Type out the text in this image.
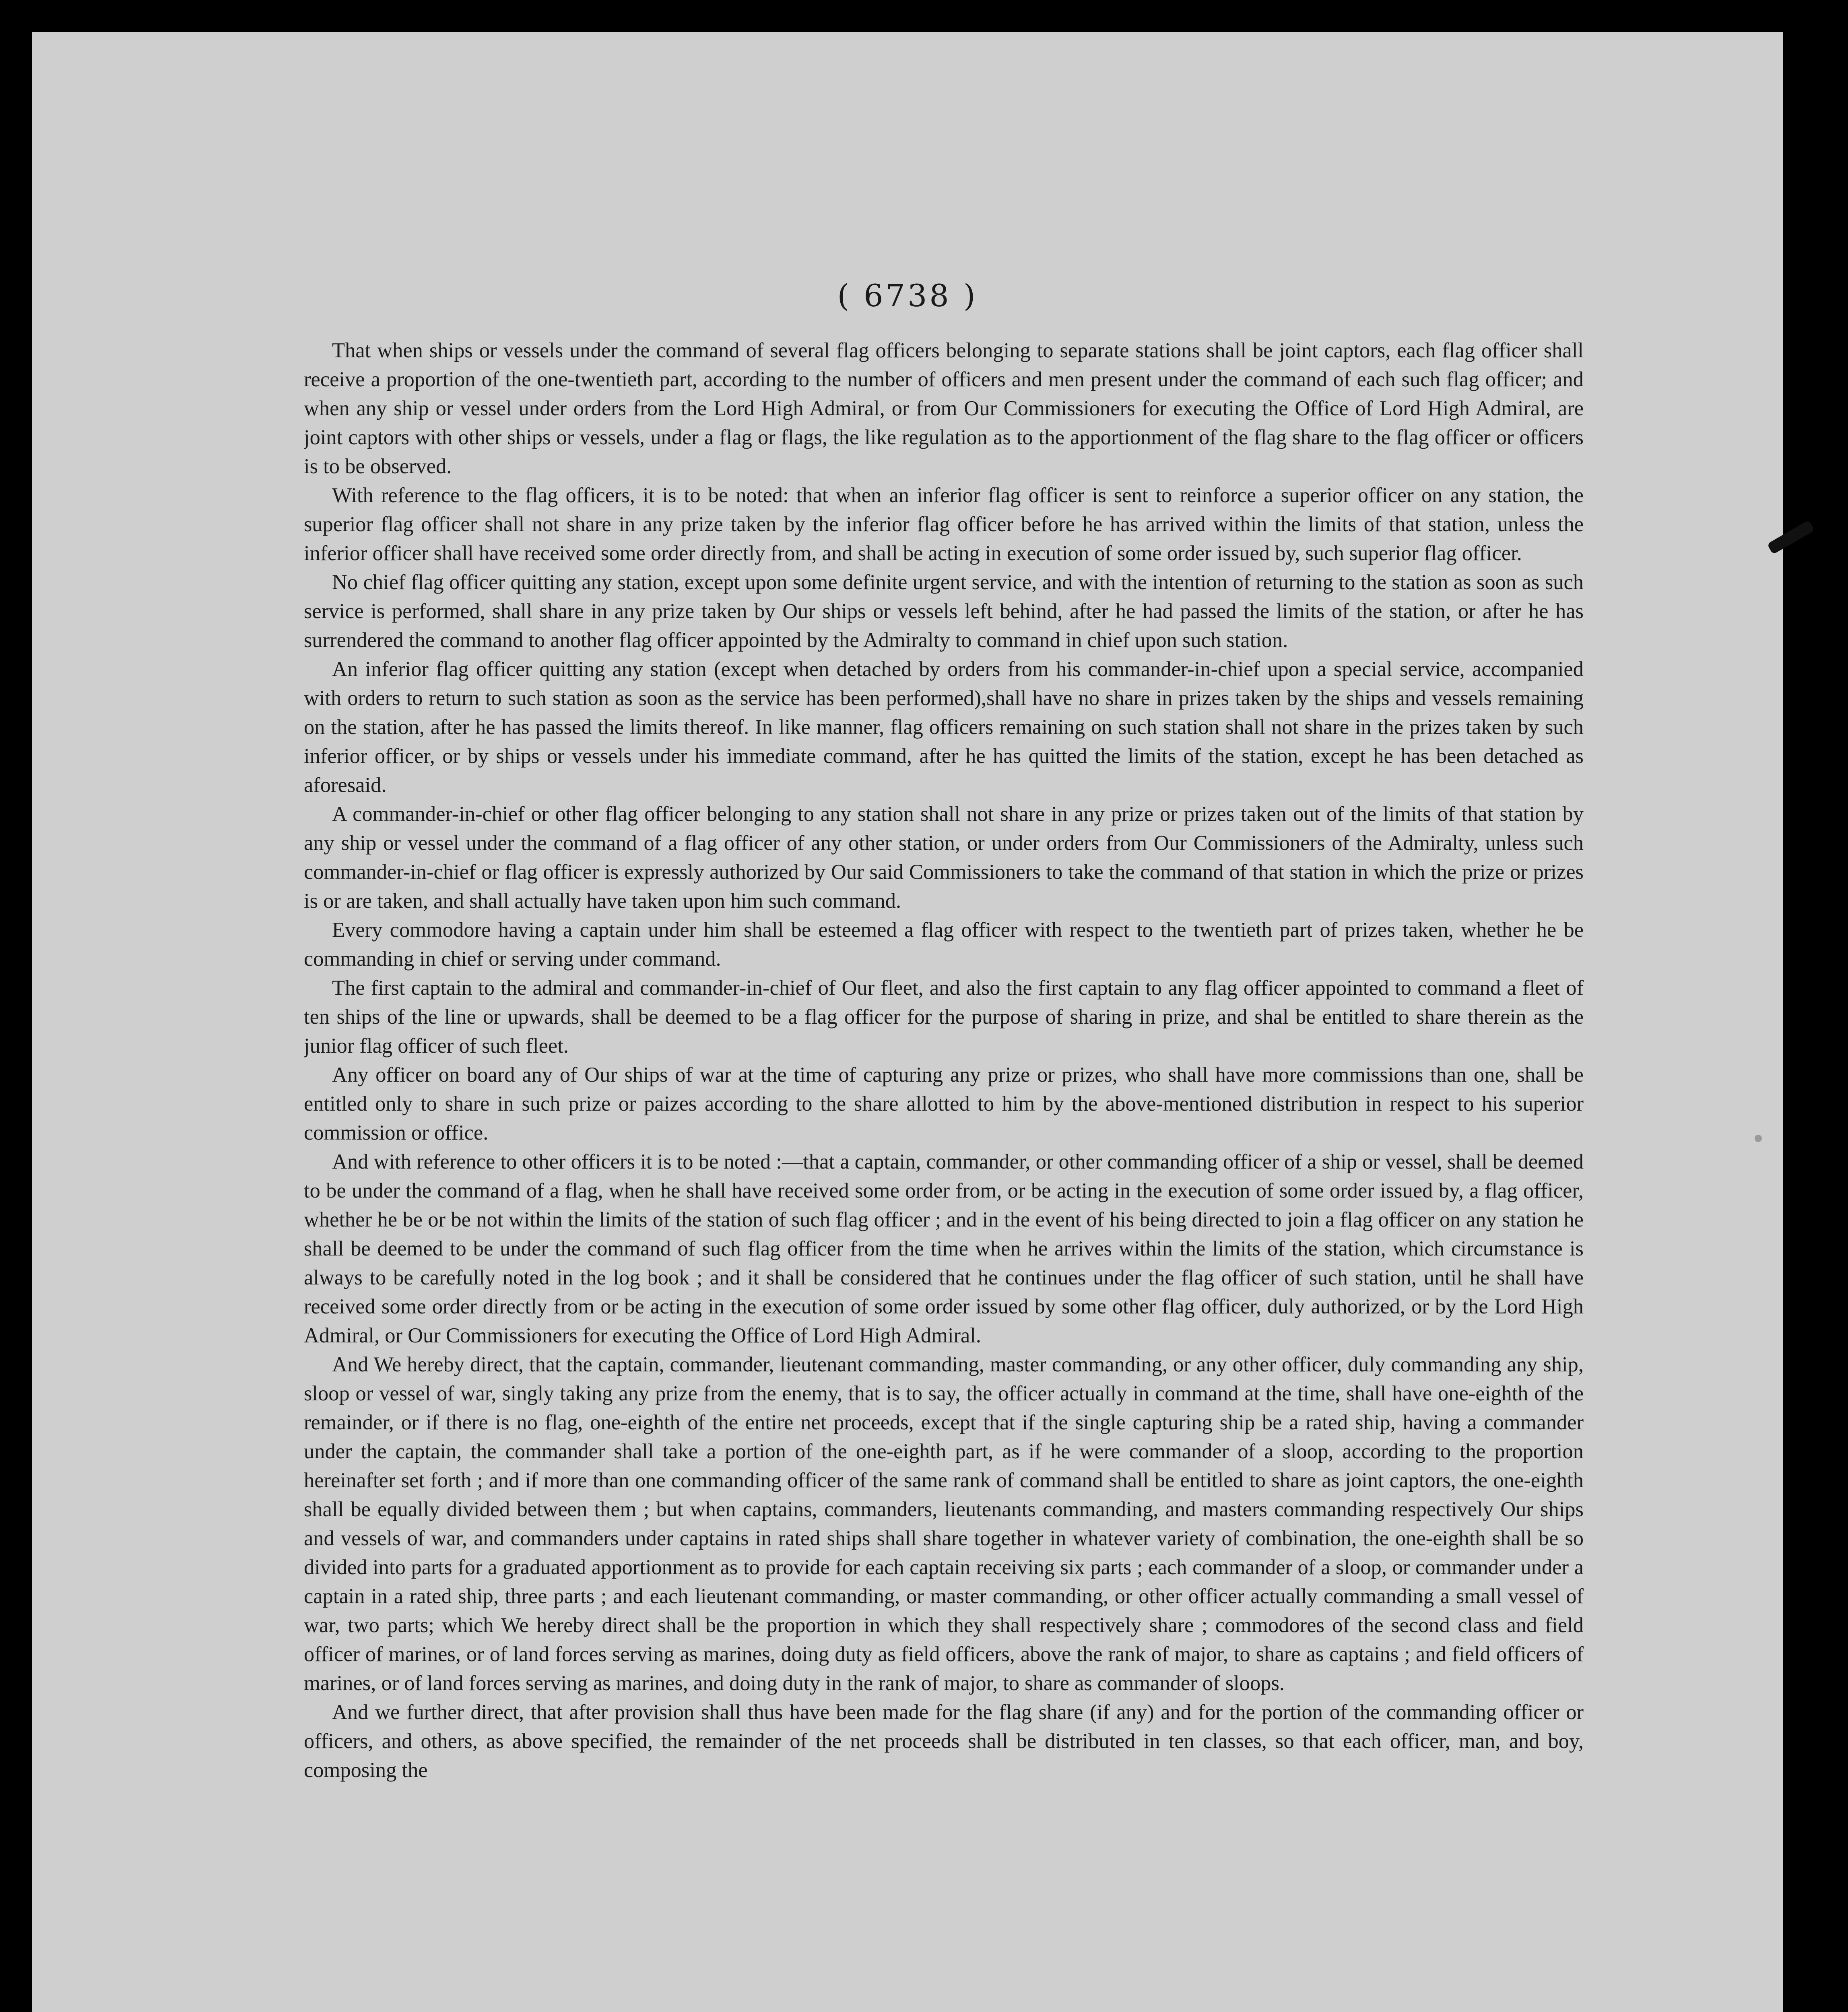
( 6738 )

That when ships or vessels under the command of several flag officers belonging to separate stations shall be joint captors, each flag officer shall receive a proportion of the one-twentieth part, according to the number of officers and men present under the command of each such flag officer; and when any ship or vessel under orders from the Lord High Admiral, or from Our Commissioners for executing the Office of Lord High Admiral, are joint captors with other ships or vessels, under a flag or flags, the like regulation as to the apportionment of the flag share to the flag officer or officers is to be observed.

With reference to the flag officers, it is to be noted: that when an inferior flag officer is sent to reinforce a superior officer on any station, the superior flag officer shall not share in any prize taken by the inferior flag officer before he has arrived within the limits of that station, unless the inferior officer shall have received some order directly from, and shall be acting in execution of some order issued by, such superior flag officer.

No chief flag officer quitting any station, except upon some definite urgent service, and with the intention of returning to the station as soon as such service is performed, shall share in any prize taken by Our ships or vessels left behind, after he had passed the limits of the station, or after he has surrendered the command to another flag officer appointed by the Admiralty to command in chief upon such station.

An inferior flag officer quitting any station (except when detached by orders from his commander-in-chief upon a special service, accompanied with orders to return to such station as soon as the service has been performed),shall have no share in prizes taken by the ships and vessels remaining on the station, after he has passed the limits thereof. In like manner, flag officers remaining on such station shall not share in the prizes taken by such inferior officer, or by ships or vessels under his immediate command, after he has quitted the limits of the station, except he has been detached as aforesaid.

A commander-in-chief or other flag officer belonging to any station shall not share in any prize or prizes taken out of the limits of that station by any ship or vessel under the command of a flag officer of any other station, or under orders from Our Commissioners of the Admiralty, unless such commander-in-chief or flag officer is expressly authorized by Our said Commissioners to take the command of that station in which the prize or prizes is or are taken, and shall actually have taken upon him such command.

Every commodore having a captain under him shall be esteemed a flag officer with respect to the twentieth part of prizes taken, whether he be commanding in chief or serving under command.

The first captain to the admiral and commander-in-chief of Our fleet, and also the first captain to any flag officer appointed to command a fleet of ten ships of the line or upwards, shall be deemed to be a flag officer for the purpose of sharing in prize, and shal be entitled to share therein as the junior flag officer of such fleet.

Any officer on board any of Our ships of war at the time of capturing any prize or prizes, who shall have more commissions than one, shall be entitled only to share in such prize or paizes according to the share allotted to him by the above-mentioned distribution in respect to his superior commission or office.

And with reference to other officers it is to be noted :—that a captain, commander, or other commanding officer of a ship or vessel, shall be deemed to be under the command of a flag, when he shall have received some order from, or be acting in the execution of some order issued by, a flag officer, whether he be or be not within the limits of the station of such flag officer ; and in the event of his being directed to join a flag officer on any station he shall be deemed to be under the command of such flag officer from the time when he arrives within the limits of the station, which circumstance is always to be carefully noted in the log book ; and it shall be considered that he continues under the flag officer of such station, until he shall have received some order directly from or be acting in the execution of some order issued by some other flag officer, duly authorized, or by the Lord High Admiral, or Our Commissioners for executing the Office of Lord High Admiral.

And We hereby direct, that the captain, commander, lieutenant commanding, master commanding, or any other officer, duly commanding any ship, sloop or vessel of war, singly taking any prize from the enemy, that is to say, the officer actually in command at the time, shall have one-eighth of the remainder, or if there is no flag, one-eighth of the entire net proceeds, except that if the single capturing ship be a rated ship, having a commander under the captain, the commander shall take a portion of the one-eighth part, as if he were commander of a sloop, according to the proportion hereinafter set forth ; and if more than one commanding officer of the same rank of command shall be entitled to share as joint captors, the one-eighth shall be equally divided between them ; but when captains, commanders, lieutenants commanding, and masters commanding respectively Our ships and vessels of war, and commanders under captains in rated ships shall share together in whatever variety of combination, the one-eighth shall be so divided into parts for a graduated apportionment as to provide for each captain receiving six parts ; each commander of a sloop, or commander under a captain in a rated ship, three parts ; and each lieutenant commanding, or master commanding, or other officer actually commanding a small vessel of war, two parts; which We hereby direct shall be the proportion in which they shall respectively share ; commodores of the second class and field officer of marines, or of land forces serving as marines, doing duty as field officers, above the rank of major, to share as captains ; and field officers of marines, or of land forces serving as marines, and doing duty in the rank of major, to share as commander of sloops.

And we further direct, that after provision shall thus have been made for the flag share (if any) and for the portion of the commanding officer or officers, and others, as above specified, the remainder of the net proceeds shall be distributed in ten classes, so that each officer, man, and boy, composing the
